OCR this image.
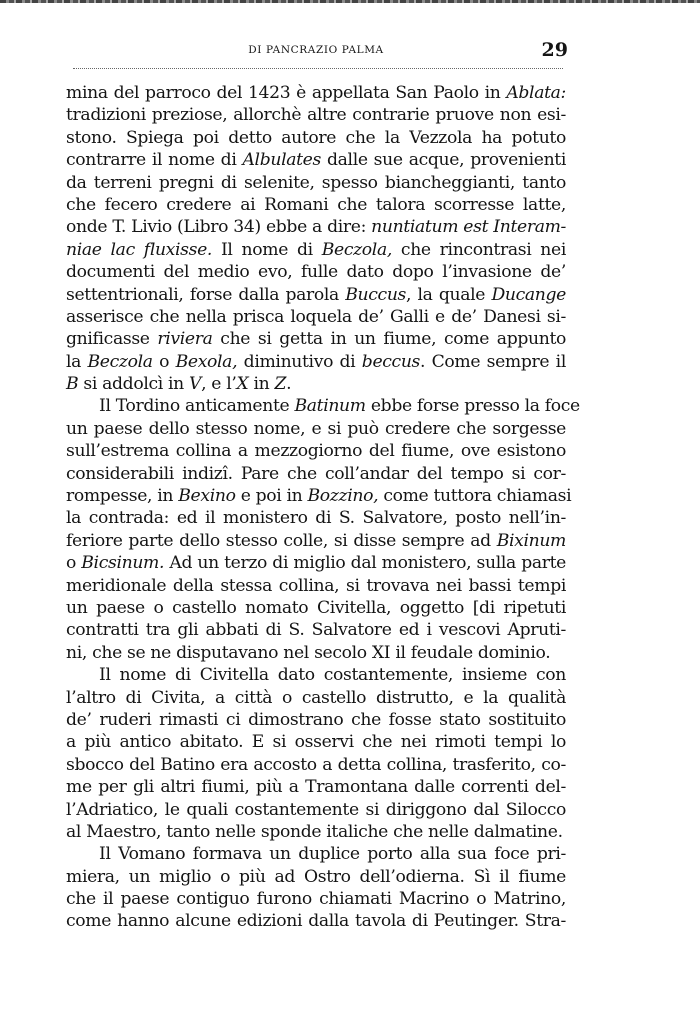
DI PANCRAZIO PALMA	29
mina del parroco del 1423 è appellata San Paolo in Ablata:
tradizioni preziose, allorchè altre contrarie pruove non esi-
stono. Spiega poi detto autore che la Vezzola ha potuto
contrarre il nome di Albulates dalle sue acque, provenienti
da terreni pregni di selenite, spesso biancheggianti, tanto
che fecero credere ai Romani che talora scorresse latte,
onde T. Livio (Libro 34) ebbe a dire: nuntiatum est Interam-
niae lac fluxisse. Il nome di Beczola, che rincontrasi nei
documenti del medio evo, fulle dato dopo l’invasione de’
settentrionali, forse dalla parola Buccus, la quale Ducange
asserisce che nella prisca loquela de’ Galli e de’ Danesi si-
gnificasse riviera che si getta in un fiume, come appunto
la Beczola o Bexola, diminutivo di beccus. Come sempre il
B si addolcì in V, e l’X in Z.
Il Tordino anticamente Batinum ebbe forse presso la foce
un paese dello stesso nome, e si può credere che sorgesse
sull’estrema collina a mezzogiorno del fiume, ove esistono
considerabili indizî. Pare che coll’andar del tempo si cor-
rompesse, in Bexino e poi in Bozzino, come tuttora chiamasi
la contrada: ed il monistero di S. Salvatore, posto nell’in-
feriore parte dello stesso colle, si disse sempre ad Bixinum
o Bicsinum. Ad un terzo di miglio dal monistero, sulla parte
meridionale della stessa collina, si trovava nei bassi tempi
un paese o castello nomato Civitella, oggetto [di ripetuti
contratti tra gli abbati di S. Salvatore ed i vescovi Apruti-
ni, che se ne disputavano nel secolo XI il feudale dominio.
Il nome di Civitella dato costantemente, insieme con
l’altro di Civita, a città o castello distrutto, e la qualità
de’ ruderi rimasti ci dimostrano che fosse stato sostituito
a più antico abitato. E si osservi che nei rimoti tempi lo
sbocco del Batino era accosto a detta collina, trasferito, co-
me per gli altri fiumi, più a Tramontana dalle correnti del-
l’Adriatico, le quali costantemente si diriggono dal Silocco
al Maestro, tanto nelle sponde italiche che nelle dalmatine.
Il Vomano formava un duplice porto alla sua foce pri-
miera, un miglio o più ad Ostro dell’odierna. Sì il fiume
che il paese contiguo furono chiamati Macrino o Matrino,
come hanno alcune edizioni dalla tavola di Peutinger. Stra-
